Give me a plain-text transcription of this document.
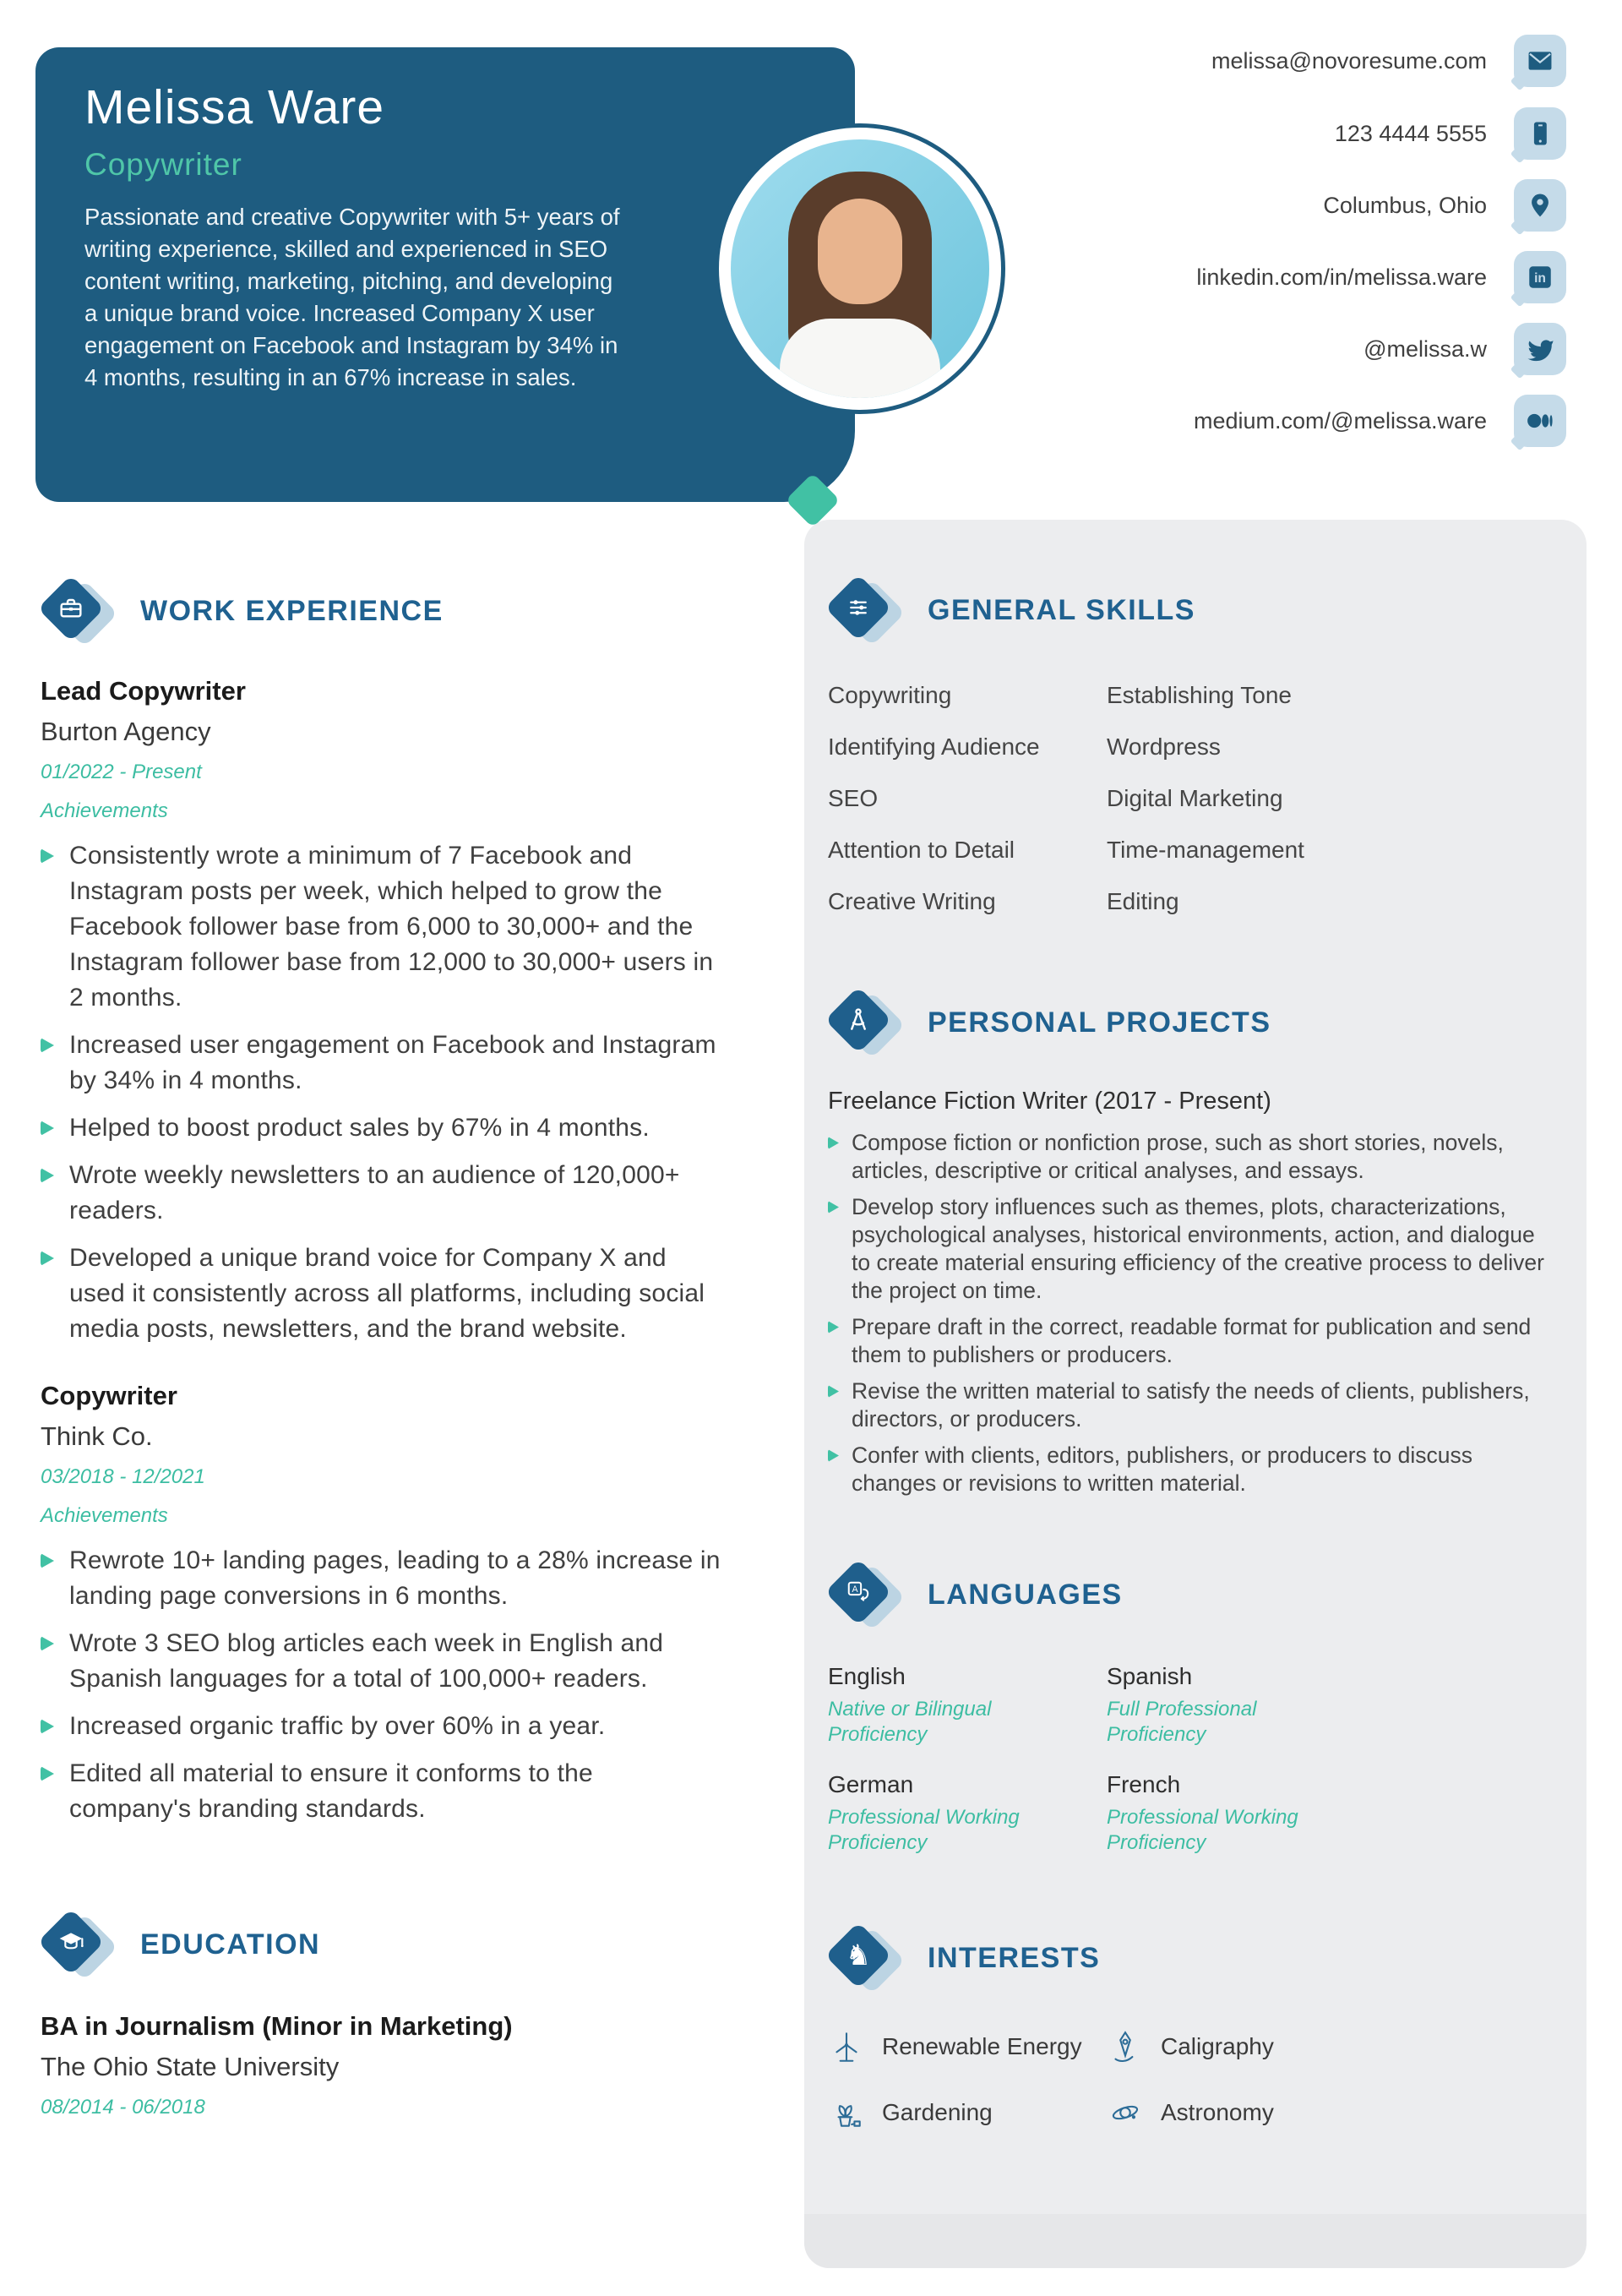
Melissa Ware
Copywriter
Passionate and creative Copywriter with 5+ years of writing experience, skilled and experienced in SEO content writing, marketing, pitching, and developing a unique brand voice. Increased Company X user engagement on Facebook and Instagram by 34% in 4 months, resulting in an 67% increase in sales.
melissa@novoresume.com
123 4444 5555
Columbus, Ohio
linkedin.com/in/melissa.ware	in
@melissa.w
medium.com/@melissa.ware
WORK EXPERIENCE
Lead Copywriter
Burton Agency
01/2022 - Present
Achievements
Consistently wrote a minimum of 7 Facebook and Instagram posts per week, which helped to grow the Facebook follower base from 6,000 to 30,000+ and the Instagram follower base from 12,000 to 30,000+ users in 2 months.
Increased user engagement on Facebook and Instagram by 34% in 4 months.
Helped to boost product sales by 67% in 4 months.
Wrote weekly newsletters to an audience of 120,000+ readers.
Developed a unique brand voice for Company X and used it consistently across all platforms, including social media posts, newsletters, and the brand website.
Copywriter
Think Co.
03/2018 - 12/2021
Achievements
Rewrote 10+ landing pages, leading to a 28% increase in landing page conversions in 6 months.
Wrote 3 SEO blog articles each week in English and Spanish languages for a total of 100,000+ readers.
Increased organic traffic by over 60% in a year.
Edited all material to ensure it conforms to the company's branding standards.
EDUCATION
BA in Journalism (Minor in Marketing)
The Ohio State University
08/2014 - 06/2018
GENERAL SKILLS
Copywriting	Establishing Tone
Identifying Audience	Wordpress
SEO	Digital Marketing
Attention to Detail	Time-management
Creative Writing	Editing
PERSONAL PROJECTS
Freelance Fiction Writer (2017 - Present)
Compose fiction or nonfiction prose, such as short stories, novels, articles, descriptive or critical analyses, and essays.
Develop story influences such as themes, plots, characterizations, psychological analyses, historical environments, action, and dialogue to create material ensuring efficiency of the creative process to deliver the project on time.
Prepare draft in the correct, readable format for publication and send them to publishers or producers.
Revise the written material to satisfy the needs of clients, publishers, directors, or producers.
Confer with clients, editors, publishers, or producers to discuss changes or revisions to written material.
A LANGUAGES
English
Native or Bilingual Proficiency
Spanish
Full Professional Proficiency
German
Professional Working Proficiency
French
Professional Working Proficiency
♞ INTERESTS
Renewable Energy	Caligraphy
Gardening	Astronomy
